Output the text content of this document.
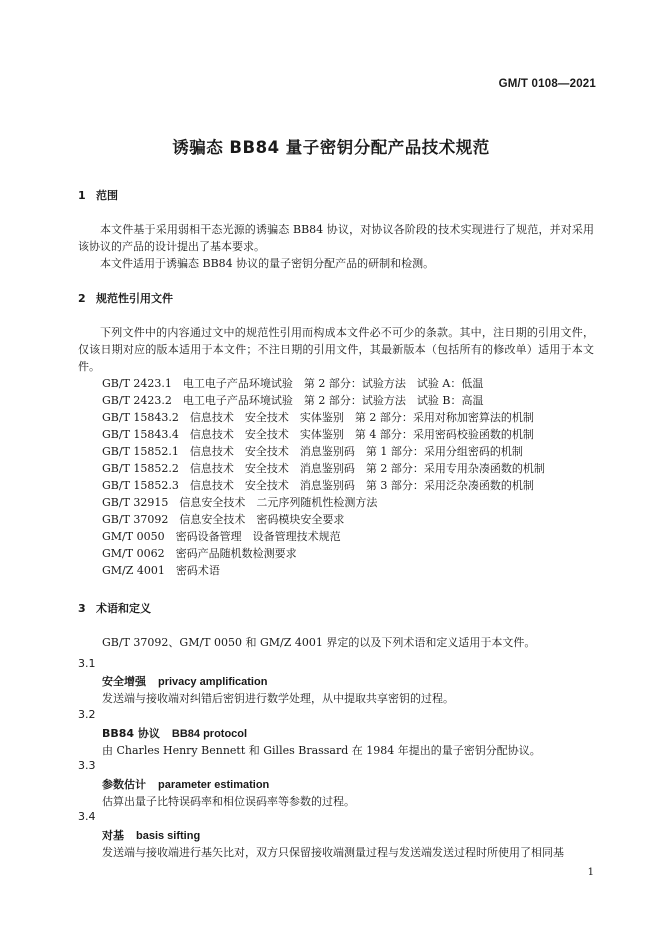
GM/T 0108—2021
诱骗态 BB84 量子密钥分配产品技术规范
1 范围
本文件基于采用弱相干态光源的诱骗态 BB84 协议，对协议各阶段的技术实现进行了规范，并对采用该协议的产品的设计提出了基本要求。
本文件适用于诱骗态 BB84 协议的量子密钥分配产品的研制和检测。
2 规范性引用文件
下列文件中的内容通过文中的规范性引用而构成本文件必不可少的条款。其中，注日期的引用文件，仅该日期对应的版本适用于本文件；不注日期的引用文件，其最新版本（包括所有的修改单）适用于本文件。
GB/T 2423.1　电工电子产品环境试验　第 2 部分：试验方法　试验 A：低温
GB/T 2423.2　电工电子产品环境试验　第 2 部分：试验方法　试验 B：高温
GB/T 15843.2　信息技术　安全技术　实体鉴别　第 2 部分：采用对称加密算法的机制
GB/T 15843.4　信息技术　安全技术　实体鉴别　第 4 部分：采用密码校验函数的机制
GB/T 15852.1　信息技术　安全技术　消息鉴别码　第 1 部分：采用分组密码的机制
GB/T 15852.2　信息技术　安全技术　消息鉴别码　第 2 部分：采用专用杂凑函数的机制
GB/T 15852.3　信息技术　安全技术　消息鉴别码　第 3 部分：采用泛杂凑函数的机制
GB/T 32915　信息安全技术　二元序列随机性检测方法
GB/T 37092　信息安全技术　密码模块安全要求
GM/T 0050　密码设备管理　设备管理技术规范
GM/T 0062　密码产品随机数检测要求
GM/Z 4001　密码术语
3 术语和定义
GB/T 37092、GM/T 0050 和 GM/Z 4001 界定的以及下列术语和定义适用于本文件。
3.1
安全增强 privacy amplification
发送端与接收端对纠错后密钥进行数学处理，从中提取共享密钥的过程。
3.2
BB84 协议 BB84 protocol
由 Charles Henry Bennett 和 Gilles Brassard 在 1984 年提出的量子密钥分配协议。
3.3
参数估计 parameter estimation
估算出量子比特误码率和相位误码率等参数的过程。
3.4
对基 basis sifting
发送端与接收端进行基矢比对，双方只保留接收端测量过程与发送端发送过程时所使用了相同基
1
